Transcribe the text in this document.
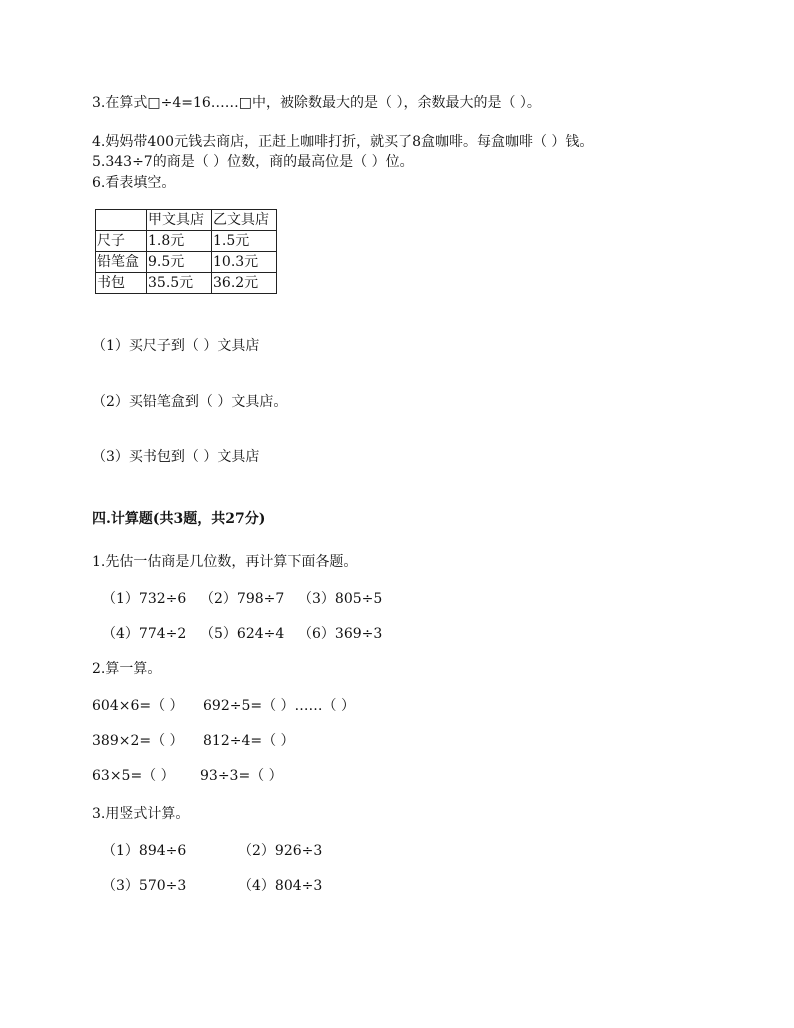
3.在算式□÷4=16……□中，被除数最大的是（ ），余数最大的是（ ）。
4.妈妈带400元钱去商店，正赶上咖啡打折，就买了8盒咖啡。每盒咖啡（ ）钱。
5.343÷7的商是（ ）位数，商的最高位是（ ）位。
6.看表填空。
	甲文具店	乙文具店
尺子	1.8元	1.5元
铅笔盒	9.5元	10.3元
书包	35.5元	36.2元
（1）买尺子到（ ）文具店
（2）买铅笔盒到（ ）文具店。
（3）买书包到（ ）文具店
四.计算题(共3题，共27分)
1.先估一估商是几位数，再计算下面各题。
（1）732÷6 （2）798÷7 （3）805÷5
（4）774÷2 （5）624÷4 （6）369÷3
2.算一算。
604×6=（ ） 692÷5=（ ）……（ ）
389×2=（ ） 812÷4=（ ）
63×5=（ ） 93÷3=（ ）
3.用竖式计算。
（1）894÷6	（2）926÷3
（3）570÷3	（4）804÷3
